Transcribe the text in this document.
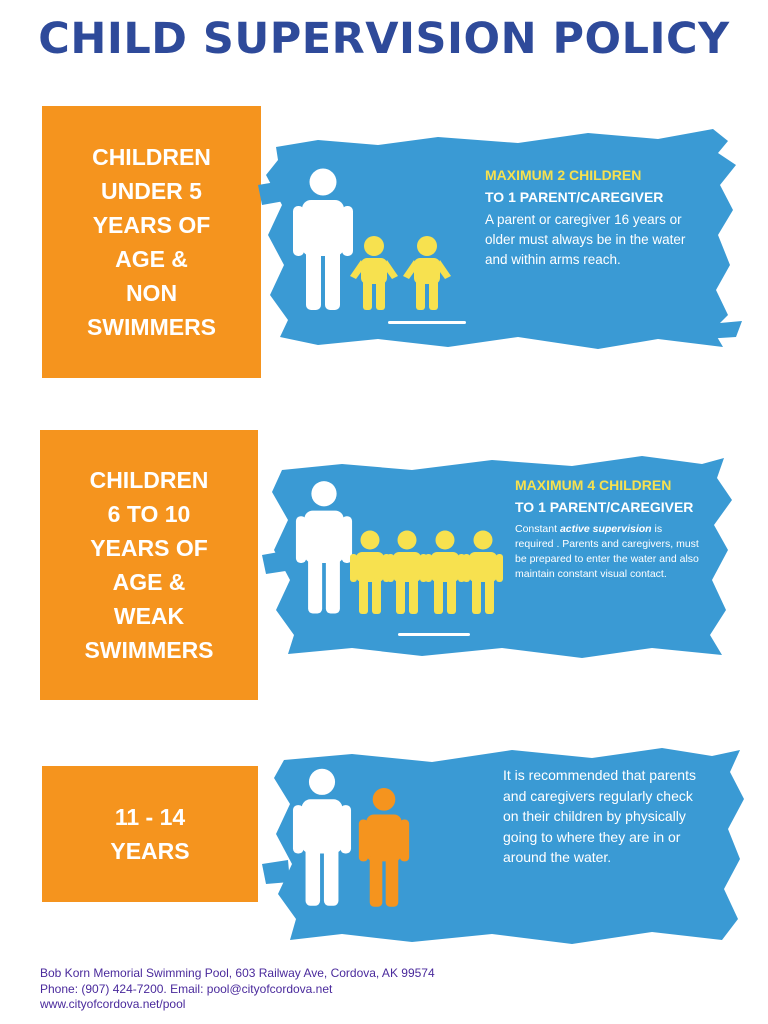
CHILD SUPERVISION POLICY
CHILDREN
UNDER 5
YEARS OF
AGE &
NON
SWIMMERS
MAXIMUM 2 CHILDREN
TO 1 PARENT/CAREGIVER
A parent or caregiver 16 years or older must always be in the water and within arms reach.
CHILDREN
6 TO 10
YEARS OF
AGE &
WEAK
SWIMMERS
MAXIMUM 4 CHILDREN
TO 1 PARENT/CAREGIVER
Constant active supervision is required . Parents and caregivers, must be prepared to enter the water and also maintain constant visual contact.
11 - 14
YEARS
It is recommended that parents and caregivers regularly check on their children by physically going to where they are in or around the water.
Bob Korn Memorial Swimming Pool, 603 Railway Ave, Cordova, AK 99574
Phone: (907) 424-7200. Email: pool@cityofcordova.net
www.cityofcordova.net/pool
